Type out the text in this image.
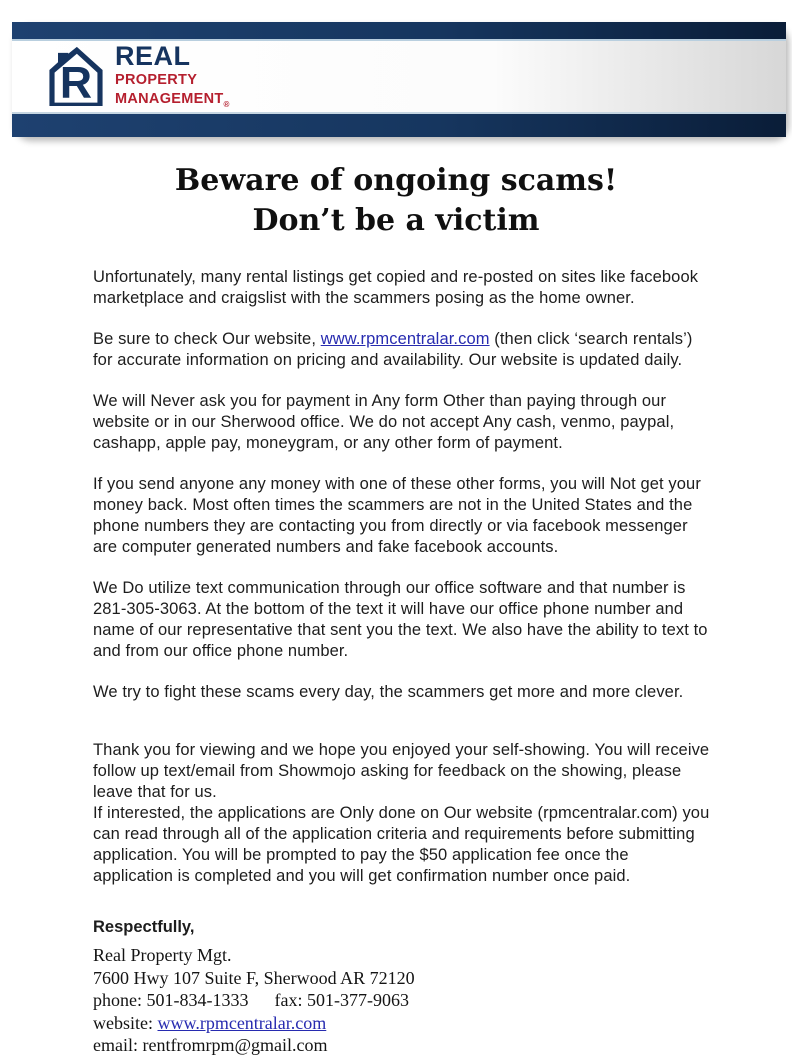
R
REAL
PROPERTY
$MANAGEMENT_®$
Beware of ongoing scams!
Don’t be a victim

Unfortunately, many rental listings get copied and re-posted on sites like facebook marketplace and craigslist with the scammers posing as the home owner.

Be sure to check Our website, www.rpmcentralar.com (then click ‘search rentals’) for accurate information on pricing and availability. Our website is updated daily.

We will Never ask you for payment in Any form Other than paying through our website or in our Sherwood office. We do not accept Any cash, venmo, paypal, cashapp, apple pay, moneygram, or any other form of payment.

If you send anyone any money with one of these other forms, you will Not get your money back. Most often times the scammers are not in the United States and the phone numbers they are contacting you from directly or via facebook messenger are computer generated numbers and fake facebook accounts.

We Do utilize text communication through our office software and that number is 281-305-3063. At the bottom of the text it will have our office phone number and name of our representative that sent you the text. We also have the ability to text to and from our office phone number.

We try to fight these scams every day, the scammers get more and more clever.

Thank you for viewing and we hope you enjoyed your self-showing. You will receive follow up text/email from Showmojo asking for feedback on the showing, please leave that for us.

If interested, the applications are Only done on Our website (rpmcentralar.com) you can read through all of the application criteria and requirements before submitting application. You will be prompted to pay the $50 application fee once the application is completed and you will get confirmation number once paid.

Respectfully,
Real Property Mgt.
7600 Hwy 107 Suite F, Sherwood AR 72120
phone: 501-834-1333 fax: 501-377-9063
website: www.rpmcentralar.com
email: rentfromrpm@gmail.com
